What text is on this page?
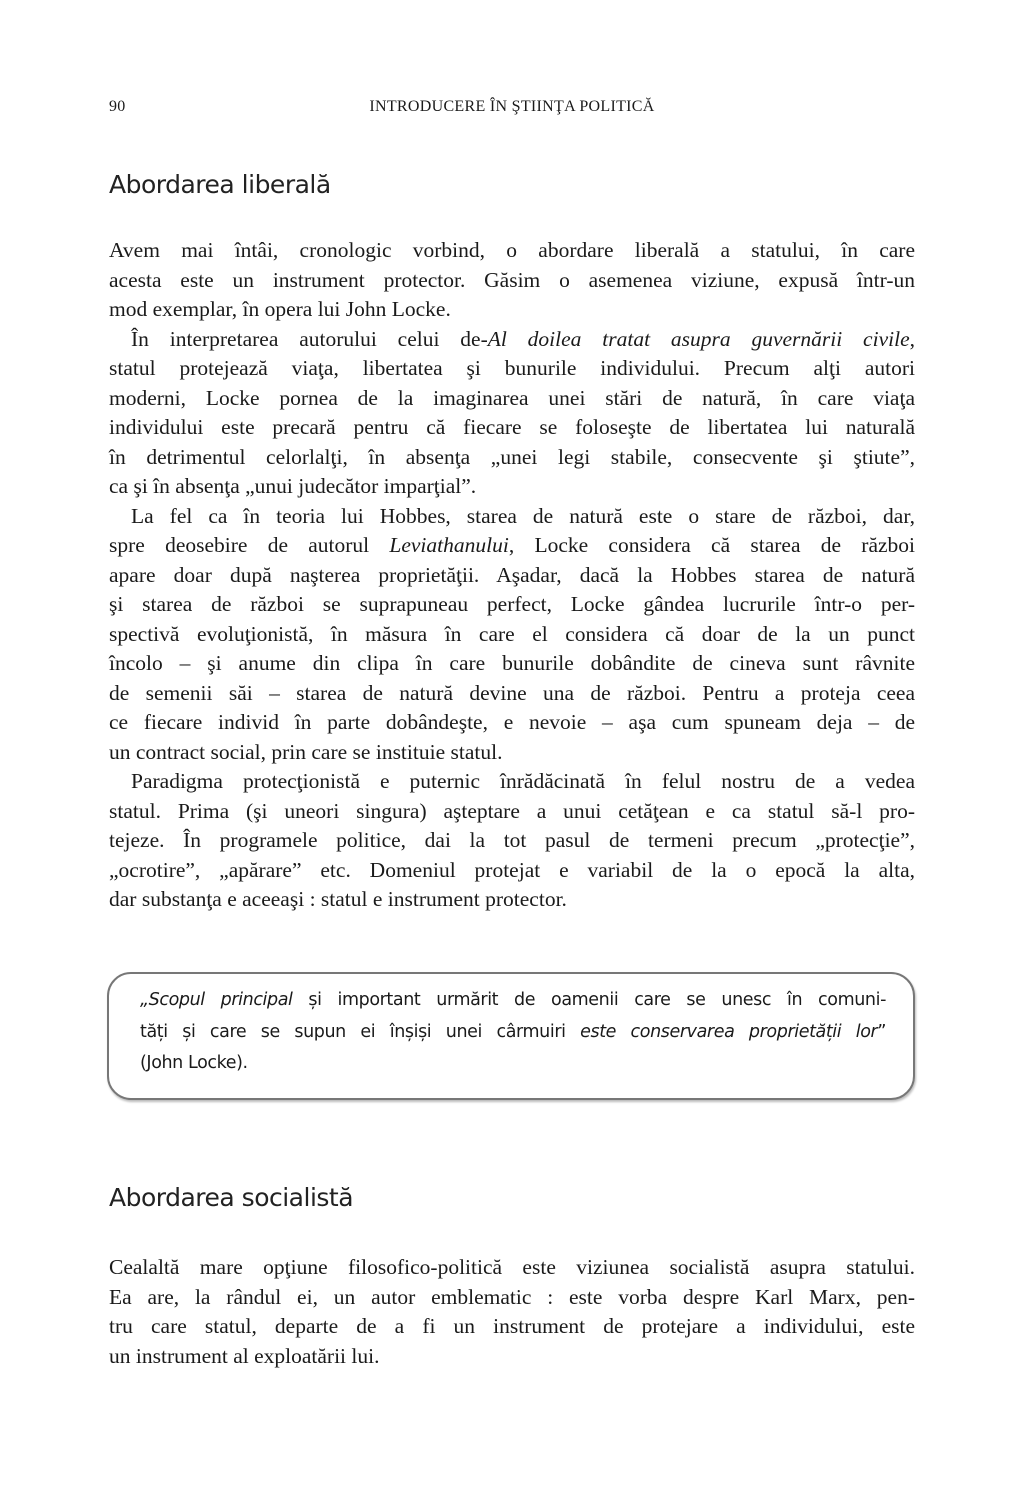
90	INTRODUCERE ÎN ŞTIINŢA POLITICĂ
Abordarea liberală
Avem mai întâi, cronologic vorbind, o abordare liberală a statului, în care
acesta este un instrument protector. Găsim o asemenea viziune, expusă într-un
mod exemplar, în opera lui John Locke.
În interpretarea autorului celui de-Al doilea tratat asupra guvernării civile,
statul protejează viaţa, libertatea şi bunurile individului. Precum alţi autori
moderni, Locke pornea de la imaginarea unei stări de natură, în care viaţa
individului este precară pentru că fiecare se foloseşte de libertatea lui naturală
în detrimentul celorlalţi, în absenţa „unei legi stabile, consecvente şi ştiute”,
ca şi în absenţa „unui judecător imparţial”.
La fel ca în teoria lui Hobbes, starea de natură este o stare de război, dar,
spre deosebire de autorul Leviathanului, Locke considera că starea de război
apare doar după naşterea proprietăţii. Aşadar, dacă la Hobbes starea de natură
şi starea de război se suprapuneau perfect, Locke gândea lucrurile într-o per-
spectivă evoluţionistă, în măsura în care el considera că doar de la un punct
încolo – şi anume din clipa în care bunurile dobândite de cineva sunt râvnite
de semenii săi – starea de natură devine una de război. Pentru a proteja ceea
ce fiecare individ în parte dobândeşte, e nevoie – aşa cum spuneam deja – de
un contract social, prin care se instituie statul.
Paradigma protecţionistă e puternic înrădăcinată în felul nostru de a vedea
statul. Prima (şi uneori singura) aşteptare a unui cetăţean e ca statul să-l pro-
tejeze. În programele politice, dai la tot pasul de termeni precum „protecţie”,
„ocrotire”, „apărare” etc. Domeniul protejat e variabil de la o epocă la alta,
dar substanţa e aceeaşi : statul e instrument protector.
„Scopul principal și important urmărit de oamenii care se unesc în comuni-
tăți și care se supun ei înșiși unei cârmuiri este conservarea proprietății lor”
(John Locke).
Abordarea socialistă
Cealaltă mare opţiune filosofico-politică este viziunea socialistă asupra statului.
Ea are, la rândul ei, un autor emblematic : este vorba despre Karl Marx, pen-
tru care statul, departe de a fi un instrument de protejare a individului, este
un instrument al exploatării lui.
